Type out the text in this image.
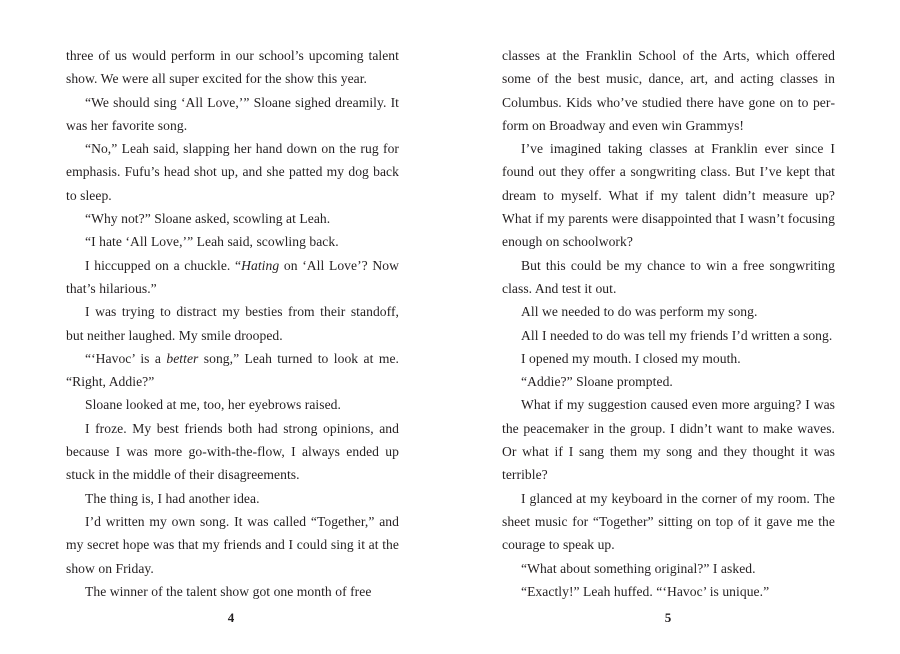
three of us would perform in our school’s upcoming talent show. We were all super excited for the show this year.

“We should sing ‘All Love,’” Sloane sighed dreamily. It was her favorite song.

“No,” Leah said, slapping her hand down on the rug for emphasis. Fufu’s head shot up, and she patted my dog back to sleep.

“Why not?” Sloane asked, scowling at Leah.

“I hate ‘All Love,’” Leah said, scowling back.

I hiccupped on a chuckle. “Hating on ‘All Love’? Now that’s hilarious.”

I was trying to distract my besties from their standoff, but neither laughed. My smile drooped.

“‘Havoc’ is a better song,” Leah turned to look at me. “Right, Addie?”

Sloane looked at me, too, her eyebrows raised.

I froze. My best friends both had strong opinions, and because I was more go-with-the-flow, I always ended up stuck in the middle of their disagreements.

The thing is, I had another idea.

I’d written my own song. It was called “Together,” and my secret hope was that my friends and I could sing it at the show on Friday.

The winner of the talent show got one month of free

4

classes at the Franklin School of the Arts, which offered some of the best music, dance, art, and acting classes in Columbus. Kids who’ve studied there have gone on to perform on Broadway and even win Grammys!

I’ve imagined taking classes at Franklin ever since I found out they offer a songwriting class. But I’ve kept that dream to myself. What if my talent didn’t measure up? What if my parents were disappointed that I wasn’t focusing enough on schoolwork?

But this could be my chance to win a free songwriting class. And test it out.

All we needed to do was perform my song.

All I needed to do was tell my friends I’d written a song.

I opened my mouth. I closed my mouth.

“Addie?” Sloane prompted.

What if my suggestion caused even more arguing? I was the peacemaker in the group. I didn’t want to make waves. Or what if I sang them my song and they thought it was terrible?

I glanced at my keyboard in the corner of my room. The sheet music for “Together” sitting on top of it gave me the courage to speak up.

“What about something original?” I asked.

“Exactly!” Leah huffed. “‘Havoc’ is unique.”

5
